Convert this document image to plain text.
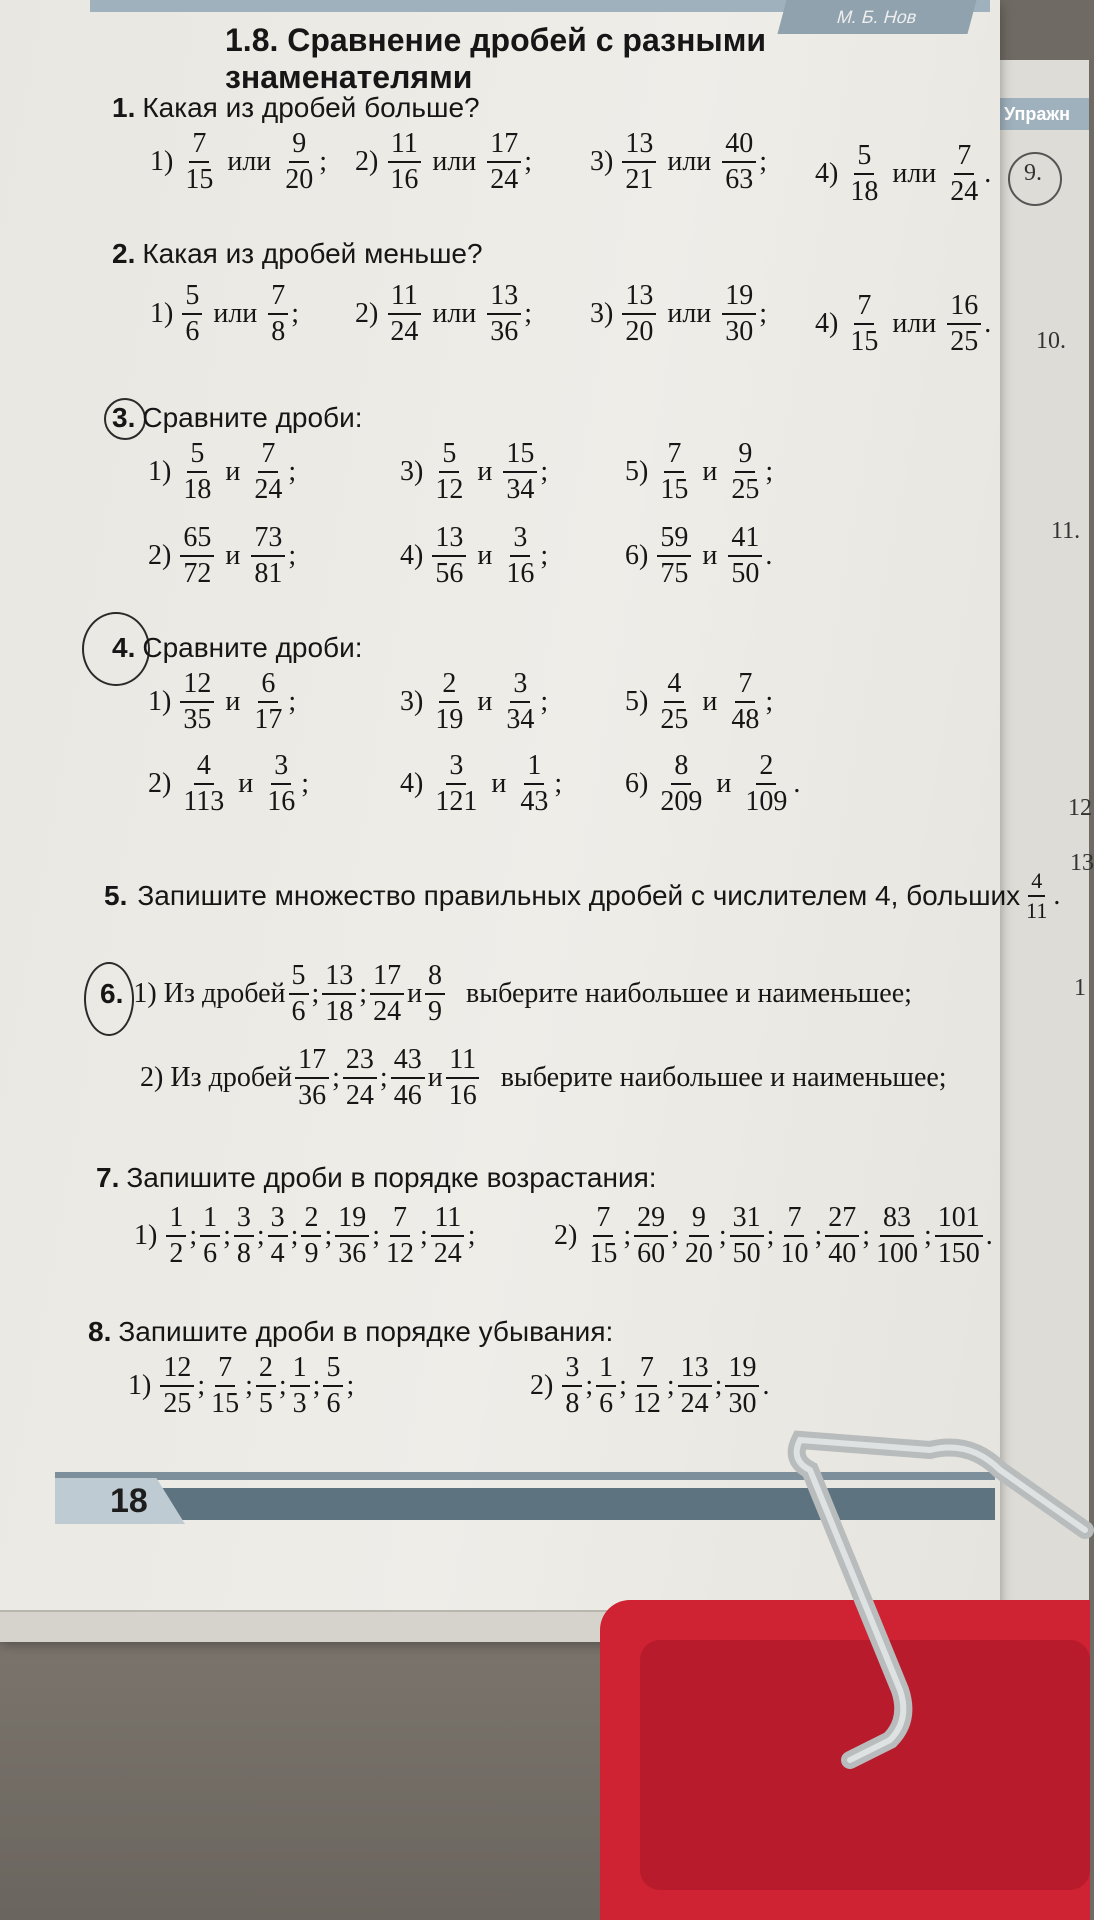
Упражн
9.
10.
11.
12
13
1
М. Б. Нов
1.8. Сравнение дробей с разными знаменателями
1. Какая из дробей больше?
2. Какая из дробей меньше?
3. Сравните дроби:
4. Сравните дроби:
5. Запишите множество правильных дробей с числителем 4, больших $\frac{4}{11}$ .
6. 1) Из дробей $\frac{5}{6}$ ; $\frac{13}{18}$ ; $\frac{17}{24}$ и $\frac{8}{9}$ выберите наибольшее и наименьшее;
2) Из дробей $\frac{17}{36}$ ; $\frac{23}{24}$ ; $\frac{43}{46}$ и $\frac{11}{16}$ выберите наибольшее и наименьшее;
7. Запишите дроби в порядке возрастания:
$1) \frac{1}{2}$ ; $\frac{1}{6}$ ; $\frac{3}{8}$ ; $\frac{3}{4}$ ; $\frac{2}{9}$ ; $\frac{19}{36}$ ; $\frac{7}{12}$ ; $\frac{11}{24}$ ;	$2) \frac{7}{15}$ ; $\frac{29}{60}$ ; $\frac{9}{20}$ ; $\frac{31}{50}$ ; $\frac{7}{10}$ ; $\frac{27}{40}$ ; $\frac{83}{100}$ ; $\frac{101}{150}$ .
8. Запишите дроби в порядке убывания:
$1) \frac{12}{25}$ ; $\frac{7}{15}$ ; $\frac{2}{5}$ ; $\frac{1}{3}$ ; $\frac{5}{6}$ ;	$2) \frac{3}{8}$ ; $\frac{1}{6}$ ; $\frac{7}{12}$ ; $\frac{13}{24}$ ; $\frac{19}{30}$ .
18
$1) \frac{7}{15}$ или $\frac{9}{20}$ ; $2) \frac{11}{16}$ или $\frac{17}{24}$ ; $3) \frac{13}{21}$ или $\frac{40}{63}$ ; $4) \frac{5}{18}$ или $\frac{7}{24}$ .
$1) \frac{5}{6}$ или $\frac{7}{8}$ ; $2) \frac{11}{24}$ или $\frac{13}{36}$ ; $3) \frac{13}{20}$ или $\frac{19}{30}$ ; $4) \frac{7}{15}$ или $\frac{16}{25}$ .
$1) \frac{5}{18}$ и $\frac{7}{24}$ ;	$3) \frac{5}{12}$ и $\frac{15}{34}$ ;	$5) \frac{7}{15}$ и $\frac{9}{25}$ ;
$2) \frac{65}{72}$ и $\frac{73}{81}$ ;	$4) \frac{13}{56}$ и $\frac{3}{16}$ ;	$6) \frac{59}{75}$ и $\frac{41}{50}$ .
$1) \frac{12}{35}$ и $\frac{6}{17}$ ;	$3) \frac{2}{19}$ и $\frac{3}{34}$ ;	$5) \frac{4}{25}$ и $\frac{7}{48}$ ;
$2) \frac{4}{113}$ и $\frac{3}{16}$ ;	$4) \frac{3}{121}$ и $\frac{1}{43}$ ; $6) \frac{8}{209}$ и $\frac{2}{109}$ .
